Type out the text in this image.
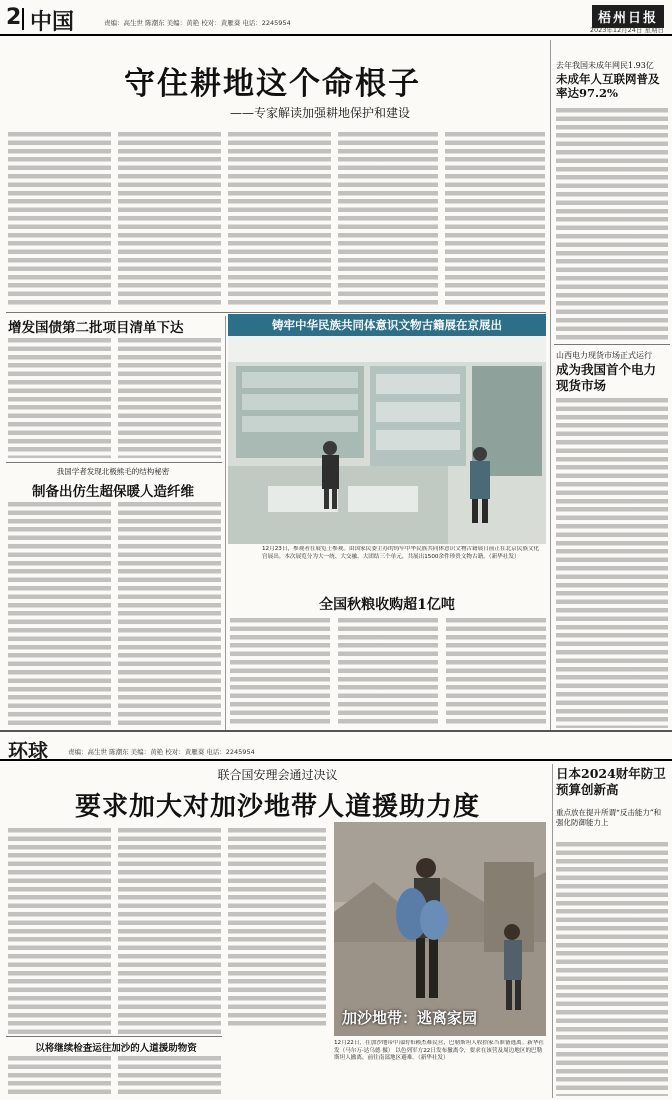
2 中国	责编：高生世 陈潮东 美编：黄艳 校对：黄雁葵 电话：2245954	梧州日报
2023年12月24日 星期日
守住耕地这个命根子
——专家解读加强耕地保护和建设
增发国债第二批项目清单下达
我国学者发现北极熊毛的结构秘密
制备出仿生超保暖人造纤维
铸牢中华民族共同体意识文物古籍展在京展出
12月23日，参观者在展览上参观。由国家民委主办的铸牢中华民族共同体意识文物古籍展日前正在北京民族文化宫展出。本次展览分为大一统、大交融、大团结三个单元，共展出1500余件珍贵文物古籍。（新华社发）
全国秋粮收购超1亿吨
去年我国未成年网民1.93亿
未成年人互联网普及率达97.2%
山西电力现货市场正式运行
成为我国首个电力现货市场
环球	责编：高生世 陈潮东 美编：黄艳 校对：黄雁葵 电话：2245954
联合国安理会通过决议
要求加大对加沙地带人道援助力度
以将继续检查运往加沙的人道援助物资
加沙地带：逃离家园
12月22日，在加沙地带中部的布赖杰难民营，巴勒斯坦人收拾家当准备逃离。新华社发（马尔万·达乌德 摄） 以色列军方22日发布撤离令，要求在该营及周边地区的巴勒斯坦人撤离，前往南部地区避难。（新华社发）
日本2024财年防卫预算创新高
重点放在提升所谓“反击能力”和强化防御能力上
